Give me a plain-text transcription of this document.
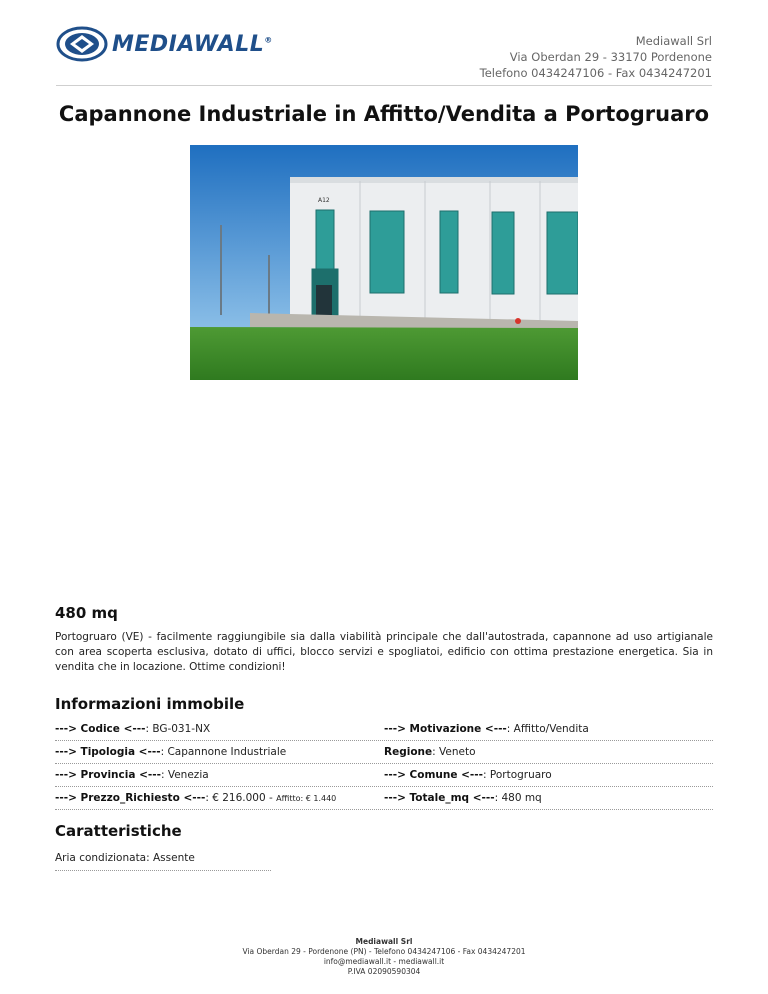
MEDIAWALL®	Mediawall Srl
Via Oberdan 29 - 33170 Pordenone
Telefono 0434247106 - Fax 0434247201
Capannone Industriale in Affitto/Vendita a Portogruaro
A12
480 mq
Portogruaro (VE) - facilmente raggiungibile sia dalla viabilità principale che dall'autostrada, capannone ad uso artigianale con area scoperta esclusiva, dotato di uffici, blocco servizi e spogliatoi, edificio con ottima prestazione energetica. Sia in vendita che in locazione. Ottime condizioni!
Informazioni immobile
---> Codice <---: BG-031-NX	---> Motivazione <---: Affitto/Vendita
---> Tipologia <---: Capannone Industriale	Regione: Veneto
---> Provincia <---: Venezia	---> Comune <---: Portogruaro
---> Prezzo_Richiesto <---: € 216.000 - Affitto: € 1.440	---> Totale_mq <---: 480 mq
Caratteristiche
Aria condizionata: Assente
Mediawall Srl
Via Oberdan 29 - Pordenone (PN) - Telefono 0434247106 - Fax 0434247201
info@mediawall.it - mediawall.it
P.IVA 02090590304
